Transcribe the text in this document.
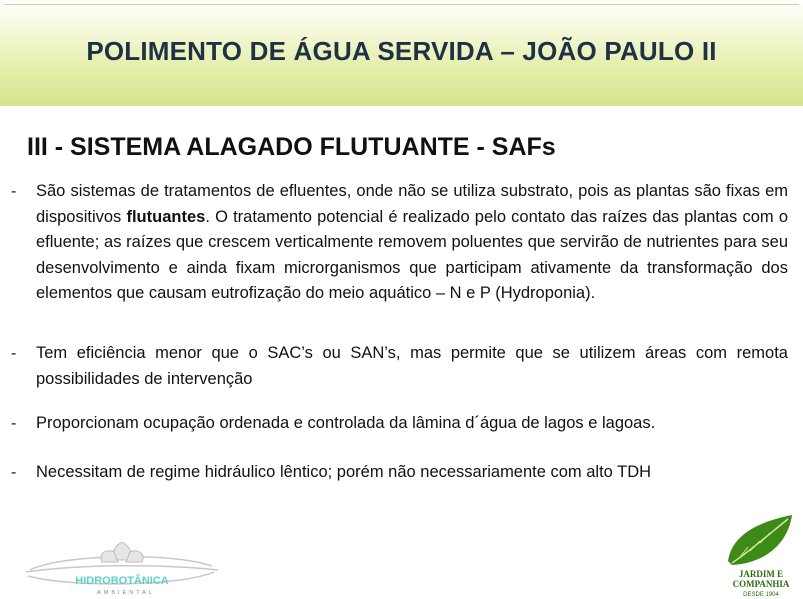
POLIMENTO DE ÁGUA SERVIDA – JOÃO PAULO II
III - SISTEMA ALAGADO FLUTUANTE - SAFs
- São sistemas de tratamentos de efluentes, onde não se utiliza substrato, pois as plantas são fixas em dispositivos flutuantes. O tratamento potencial é realizado pelo contato das raízes das plantas com o efluente; as raízes que crescem verticalmente removem poluentes que servirão de nutrientes para seu desenvolvimento e ainda fixam microrganismos que participam ativamente da transformação dos elementos que causam eutrofização do meio aquático – N e P (Hydroponia).
- Tem eficiência menor que o SAC’s ou SAN’s, mas permite que se utilizem áreas com remota possibilidades de intervenção
- Proporcionam ocupação ordenada e controlada da lâmina d´água de lagos e lagoas.
- Necessitam de regime hidráulico lêntico; porém não necessariamente com alto TDH
HIDROBOTÂNICA
AMBIENTAL
JARDIM E
COMPANHIA
DESDE 1904
